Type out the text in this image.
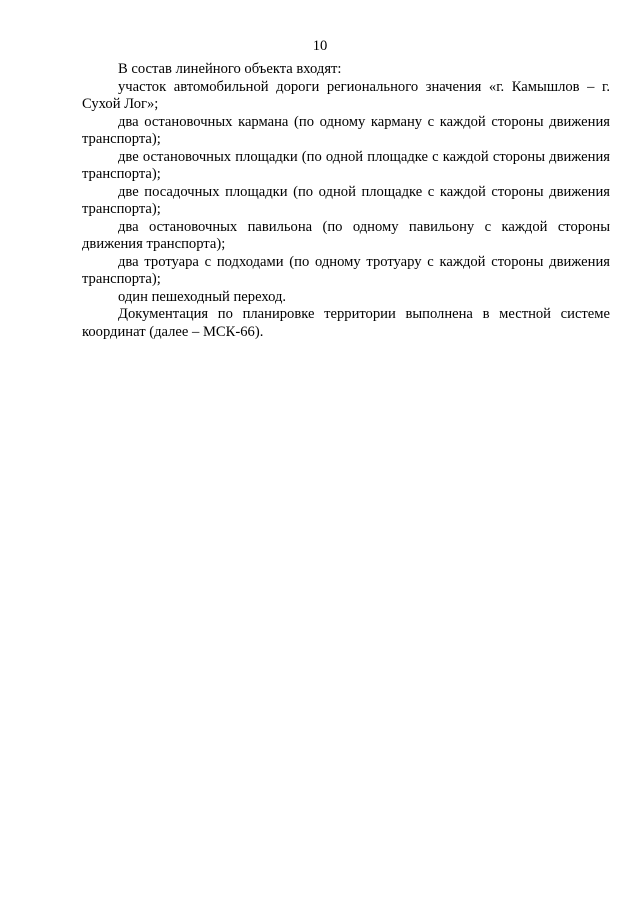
10

В состав линейного объекта входят:

участок автомобильной дороги регионального значения «г. Камышлов – г. Сухой Лог»;

два остановочных кармана (по одному карману с каждой стороны движения транспорта);

две остановочных площадки (по одной площадке с каждой стороны движения транспорта);

две посадочных площадки (по одной площадке с каждой стороны движения транспорта);

два остановочных павильона (по одному павильону с каждой стороны движения транспорта);

два тротуара с подходами (по одному тротуару с каждой стороны движения транспорта);

один пешеходный переход.

Документация по планировке территории выполнена в местной системе координат (далее – МСК-66).
